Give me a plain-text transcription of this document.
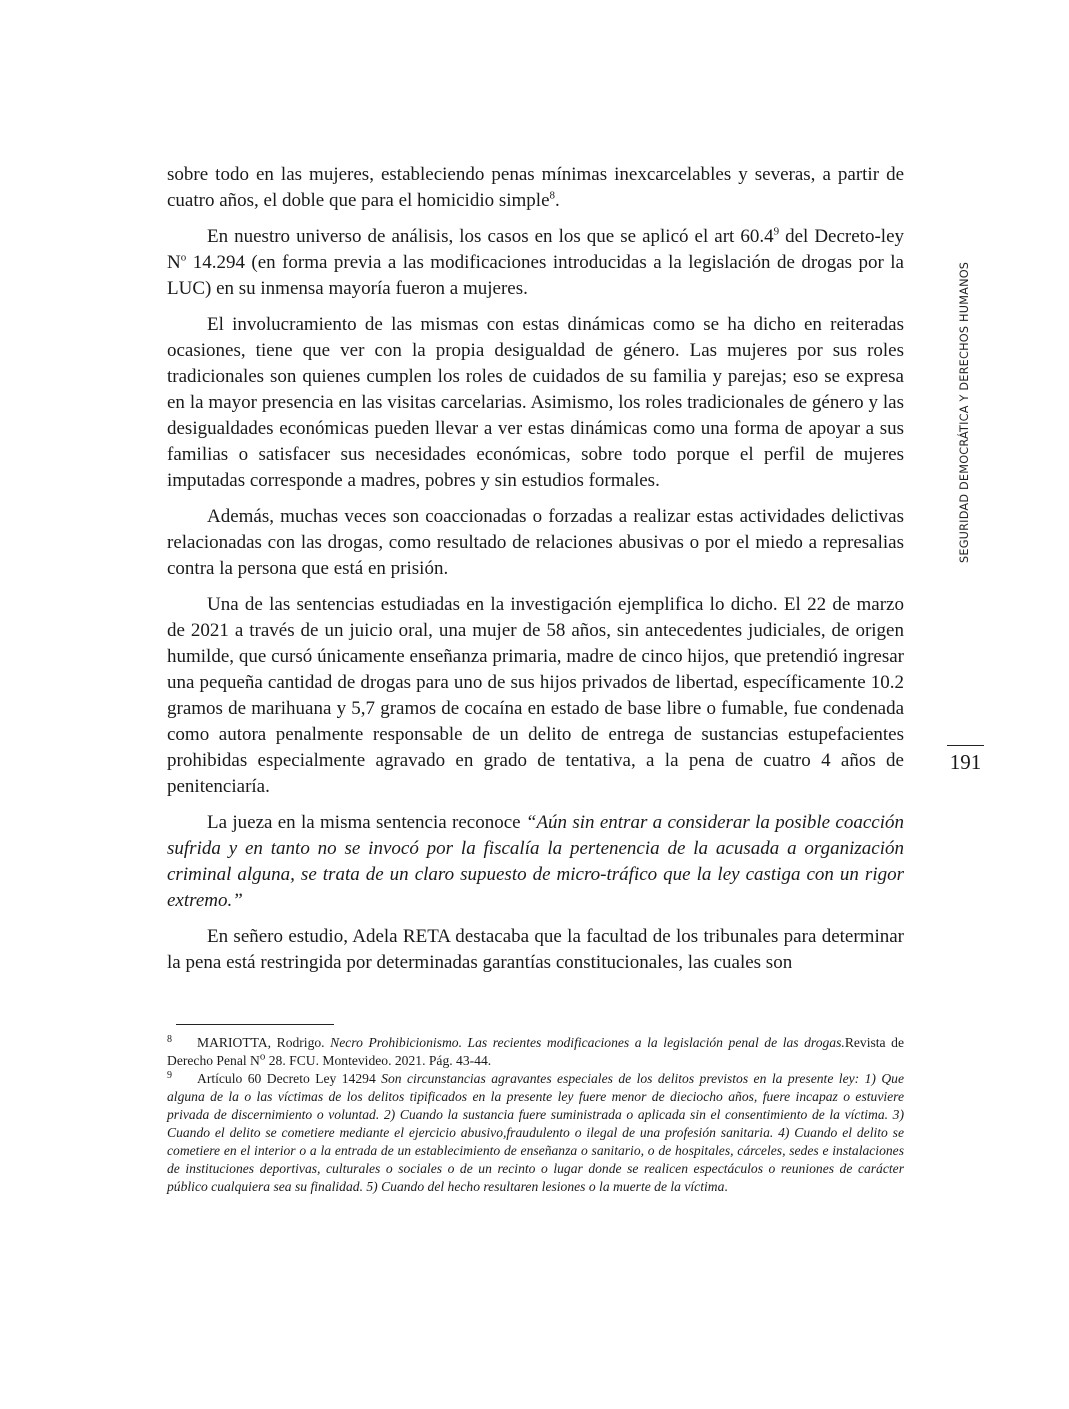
sobre todo en las mujeres, estableciendo penas mínimas inexcarcelables y severas, a partir de cuatro años, el doble que para el homicidio simple$^8$.

En nuestro universo de análisis, los casos en los que se aplicó el art 60.4$^9$ del Decreto-ley $N^o$ 14.294 (en forma previa a las modificaciones introducidas a la legislación de drogas por la LUC) en su inmensa mayoría fueron a mujeres.

El involucramiento de las mismas con estas dinámicas como se ha dicho en reiteradas ocasiones, tiene que ver con la propia desigualdad de género. Las mujeres por sus roles tradicionales son quienes cumplen los roles de cuidados de su familia y parejas; eso se expresa en la mayor presencia en las visitas carcelarias. Asimismo, los roles tradicionales de género y las desigualdades económicas pueden llevar a ver estas dinámicas como una forma de apoyar a sus familias o satisfacer sus necesidades económicas, sobre todo porque el perfil de mujeres imputadas corresponde a madres, pobres y sin estudios formales.

Además, muchas veces son coaccionadas o forzadas a realizar estas actividades delictivas relacionadas con las drogas, como resultado de relaciones abusivas o por el miedo a represalias contra la persona que está en prisión.

Una de las sentencias estudiadas en la investigación ejemplifica lo dicho. El 22 de marzo de 2021 a través de un juicio oral, una mujer de 58 años, sin antecedentes judiciales, de origen humilde, que cursó únicamente enseñanza primaria, madre de cinco hijos, que pretendió ingresar una pequeña cantidad de drogas para uno de sus hijos privados de libertad, específicamente 10.2 gramos de marihuana y 5,7 gramos de cocaína en estado de base libre o fumable, fue condenada como autora penalmente responsable de un delito de entrega de sustancias estupefacientes prohibidas especialmente agravado en grado de tentativa, a la pena de cuatro 4 años de penitenciaría.

La jueza en la misma sentencia reconoce “Aún sin entrar a considerar la posible coacción sufrida y en tanto no se invocó por la fiscalía la pertenencia de la acusada a organización criminal alguna, se trata de un claro supuesto de micro-tráfico que la ley castiga con un rigor extremo.”

En señero estudio, Adela RETA destacaba que la facultad de los tribunales para determinar la pena está restringida por determinadas garantías constitucionales, las cuales son

SEGURIDAD DEMOCRÁTICA Y DERECHOS HUMANOS
191

8 MARIOTTA, Rodrigo. Necro Prohibicionismo. Las recientes modificaciones a la legislación penal de las drogas.Revista de Derecho Penal $N^o$ 28. FCU. Montevideo. 2021. Pág. 43-44.

9 Artículo 60 Decreto Ley 14294 Son circunstancias agravantes especiales de los delitos previstos en la presente ley: 1) Que alguna de la o las víctimas de los delitos tipificados en la presente ley fuere menor de dieciocho años, fuere incapaz o estuviere privada de discernimiento o voluntad. 2) Cuando la sustancia fuere suministrada o aplicada sin el consentimiento de la víctima. 3) Cuando el delito se cometiere mediante el ejercicio abusivo,fraudulento o ilegal de una profesión sanitaria. 4) Cuando el delito se cometiere en el interior o a la entrada de un establecimiento de enseñanza o sanitario, o de hospitales, cárceles, sedes e instalaciones de instituciones deportivas, culturales o sociales o de un recinto o lugar donde se realicen espectáculos o reuniones de carácter público cualquiera sea su finalidad. 5) Cuando del hecho resultaren lesiones o la muerte de la víctima.
